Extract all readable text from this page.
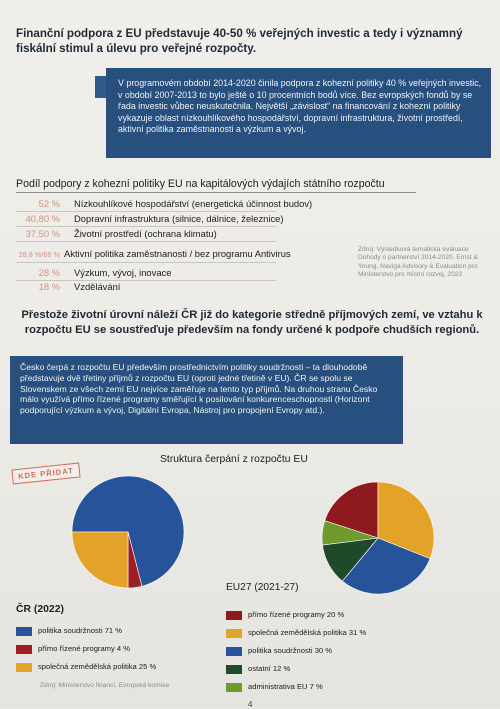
Finanční podpora z EU představuje 40-50 % veřejných investic a tedy i významný fiskální stimul a úlevu pro veřejné rozpočty.
V programovém období 2014-2020 činila podpora z kohezní politiky 40 % veřejných investic, v období 2007-2013 to bylo ještě o 10 procentních bodů více. Bez evropských fondů by se řada investic vůbec neuskutečnila. Největší „závislost“ na financování z kohezní politiky vykazuje oblast nízkouhlíkového hospodářství, dopravní infrastruktura, životní prostředí, aktivní politika zaměstnanosti a výzkum a vývoj.
Podíl podpory z kohezní politiky EU na kapitálových výdajích státního rozpočtu
52 % Nízkouhlíkové hospodářství (energetická účinnost budov)
40,80 % Dopravní infrastruktura (silnice, dálnice, železnice)
37,50 % Životní prostředí (ochrana klimatu)
28,8 %/66 % Aktivní politika zaměstnanosti / bez programu Antivirus
28 % Výzkum, vývoj, inovace
18 % Vzdělávání
Zdroj: Výsledková tematická evaluace Dohody o partnerství 2014-2020, Ernst & Young, Naviga Advisory & Evaluation pro Ministerstvo pro místní rozvoj, 2023
Přestože životní úrovní náleží ČR již do kategorie středně příjmových zemí, ve vztahu k rozpočtu EU se soustřeďuje především na fondy určené k podpoře chudších regionů.
Česko čerpá z rozpočtu EU především prostřednictvím politiky soudržnosti – ta dlouhodobě představuje dvě třetiny příjmů z rozpočtu EU (oproti jedné třetině v EU). ČR se spolu se Slovenskem ze všech zemí EU nejvíce zaměřuje na tento typ příjmů. Na druhou stranu Česko málo využívá přímo řízené programy směřující k posilování konkurenceschopnosti (Horizont podporující výzkum a vývoj, Digitální Evropa, Nástroj pro propojení Evropy atd.).
KDE PŘIDAT
Struktura čerpání z rozpočtu EU
EU27 (2021-27)
ČR (2022)
politika soudržnosti 71 %
přímo řízené programy 4 %
společná zemědělská politika 25 %
přímo řízené programy 20 %
společná zemědělská politika 31 %
politika soudržnosti 30 %
ostatní 12 %
administrativa EU 7 %
Zdroj: Ministerstvo financí, Evropská komise
4
